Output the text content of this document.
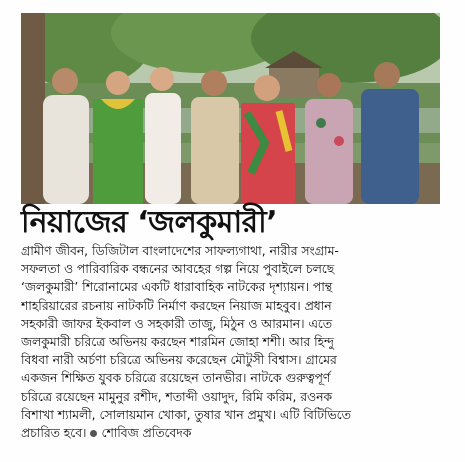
নিয়াজের ‘জলকুমারী’
গ্রামীণ জীবন, ডিজিটাল বাংলাদেশের সাফল্যগাথা, নারীর সংগ্রাম-
সফলতা ও পারিবারিক বন্ধনের আবহের গল্প নিয়ে পুবাইলে চলছে
‘জলকুমারী’ শিরোনামের একটি ধারাবাহিক নাটকের দৃশ্যায়ন। পান্থ
শাহরিয়ারের রচনায় নাটকটি নির্মাণ করছেন নিয়াজ মাহবুব। প্রধান
সহকারী জাফর ইকবাল ও সহকারী তাজু, মিঠুন ও আরমান। এতে
জলকুমারী চরিত্রে অভিনয় করছেন শারমিন জোহা শশী। আর হিন্দু
বিধবা নারী অর্চণা চরিত্রে অভিনয় করেছেন মৌটুসী বিশ্বাস। গ্রামের
একজন শিক্ষিত যুবক চরিত্রে রয়েছেন তানভীর। নাটকে গুরুত্বপূর্ণ
চরিত্রে রয়েছেন মামুনুর রশীদ, শতাব্দী ওয়াদুদ, রিমি করিম, রওনক
বিশাখা শ্যামলী, সোলায়মান খোকা, তুষার খান প্রমুখ। এটি বিটিভিতে
প্রচারিত হবে। শোবিজ প্রতিবেদক
